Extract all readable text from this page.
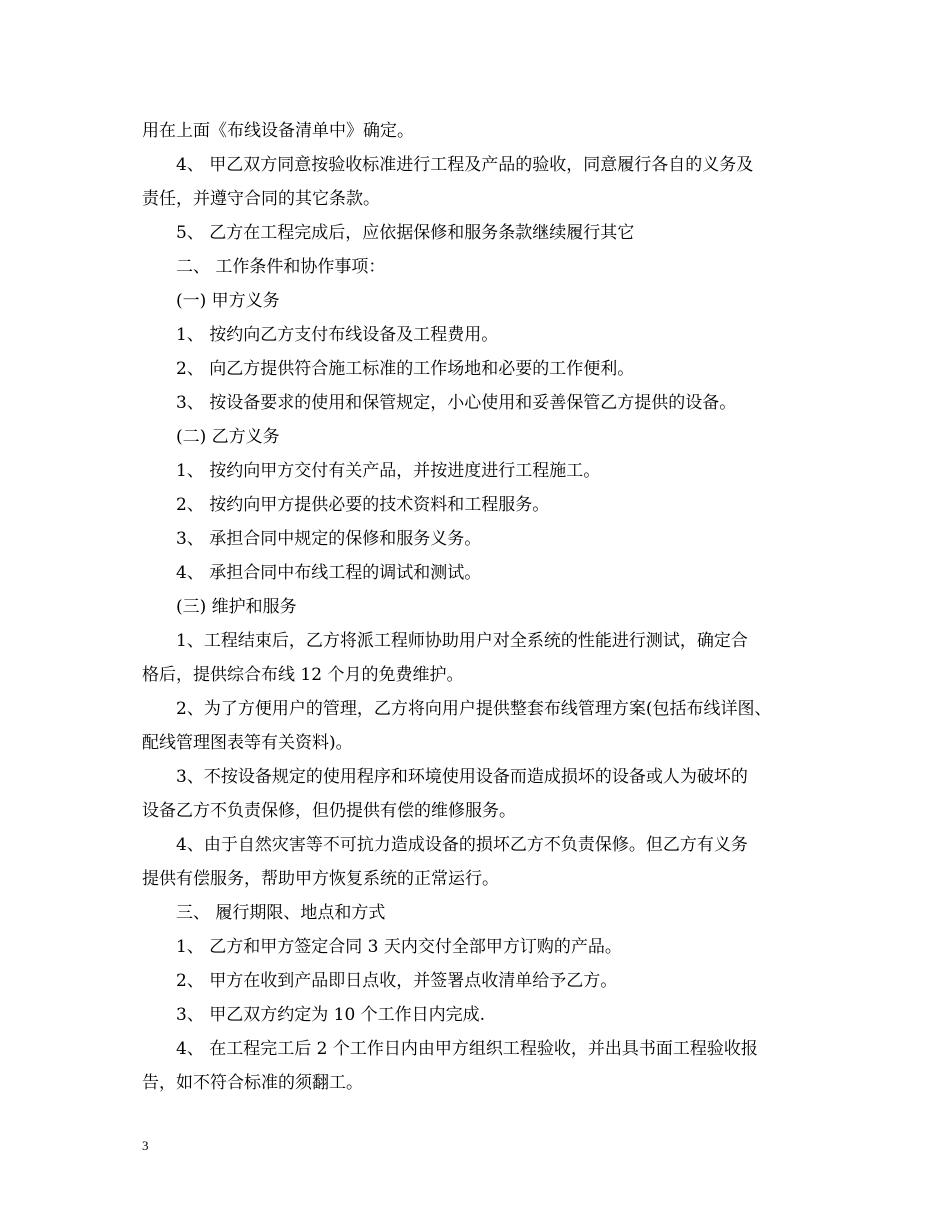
用在上面《布线设备清单中》确定。
4、 甲乙双方同意按验收标准进行工程及产品的验收，同意履行各自的义务及
责任，并遵守合同的其它条款。
5、 乙方在工程完成后，应依据保修和服务条款继续履行其它
二、 工作条件和协作事项：
(一) 甲方义务
1、 按约向乙方支付布线设备及工程费用。
2、 向乙方提供符合施工标准的工作场地和必要的工作便利。
3、 按设备要求的使用和保管规定，小心使用和妥善保管乙方提供的设备。
(二) 乙方义务
1、 按约向甲方交付有关产品，并按进度进行工程施工。
2、 按约向甲方提供必要的技术资料和工程服务。
3、 承担合同中规定的保修和服务义务。
4、 承担合同中布线工程的调试和测试。
(三) 维护和服务
1、工程结束后，乙方将派工程师协助用户对全系统的性能进行测试，确定合
格后，提供综合布线 12 个月的免费维护。
2、为了方便用户的管理，乙方将向用户提供整套布线管理方案(包括布线详图、
配线管理图表等有关资料)。
3、不按设备规定的使用程序和环境使用设备而造成损坏的设备或人为破坏的
设备乙方不负责保修，但仍提供有偿的维修服务。
4、由于自然灾害等不可抗力造成设备的损坏乙方不负责保修。但乙方有义务
提供有偿服务，帮助甲方恢复系统的正常运行。
三、 履行期限、地点和方式
1、 乙方和甲方签定合同 3 天内交付全部甲方订购的产品。
2、 甲方在收到产品即日点收，并签署点收清单给予乙方。
3、 甲乙双方约定为 10 个工作日内完成.
4、 在工程完工后 2 个工作日内由甲方组织工程验收，并出具书面工程验收报
告，如不符合标准的须翻工。
3
